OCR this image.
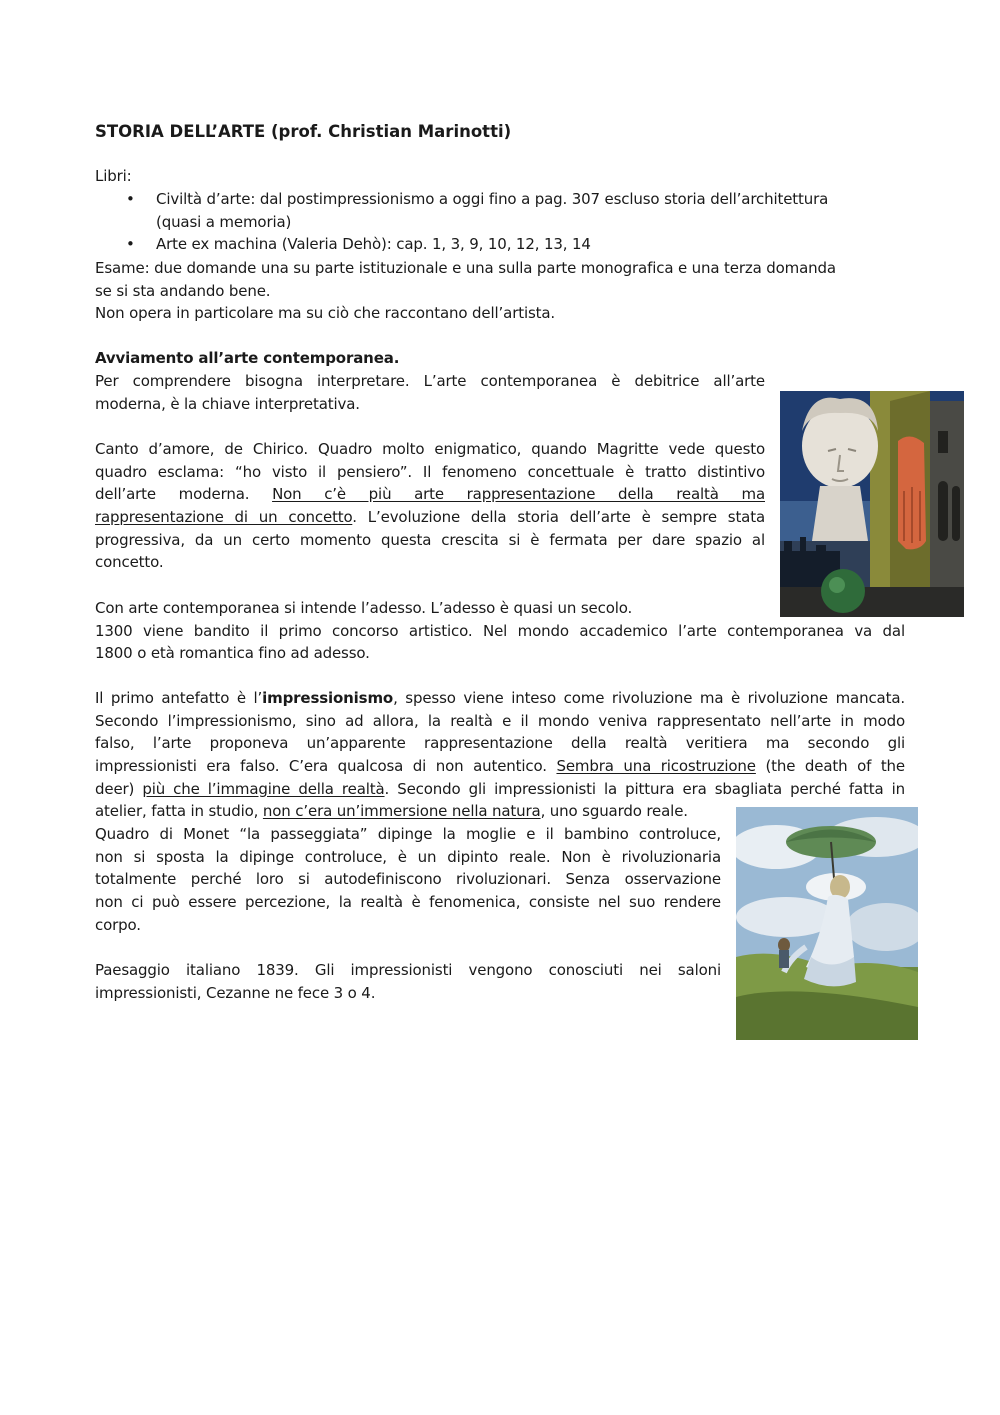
STORIA DELL’ARTE (prof. Christian Marinotti)
Libri:
• Civiltà d’arte: dal postimpressionismo a oggi fino a pag. 307 escluso storia dell’architettura
(quasi a memoria)
• Arte ex machina (Valeria Dehò): cap. 1, 3, 9, 10, 12, 13, 14
Esame: due domande una su parte istituzionale e una sulla parte monografica e una terza domanda
se si sta andando bene.
Non opera in particolare ma su ciò che raccontano dell’artista.
Avviamento all’arte contemporanea.
Per comprendere bisogna interpretare. L’arte contemporanea è debitrice all’arte
moderna, è la chiave interpretativa.
Canto d’amore, de Chirico. Quadro molto enigmatico, quando Magritte vede questo
quadro esclama: “ho visto il pensiero”. Il fenomeno concettuale è tratto distintivo
dell’arte moderna. Non c’è più arte rappresentazione della realtà ma
rappresentazione di un concetto. L’evoluzione della storia dell’arte è sempre stata
progressiva, da un certo momento questa crescita si è fermata per dare spazio al
concetto.
Con arte contemporanea si intende l’adesso. L’adesso è quasi un secolo.
1300 viene bandito il primo concorso artistico. Nel mondo accademico l’arte contemporanea va dal
1800 o età romantica fino ad adesso.
Il primo antefatto è l’impressionismo, spesso viene inteso come rivoluzione ma è rivoluzione mancata.
Secondo l’impressionismo, sino ad allora, la realtà e il mondo veniva rappresentato nell’arte in modo
falso, l’arte proponeva un’apparente rappresentazione della realtà veritiera ma secondo gli
impressionisti era falso. C’era qualcosa di non autentico. Sembra una ricostruzione (the death of the
deer) più che l’immagine della realtà. Secondo gli impressionisti la pittura era sbagliata perché fatta in
atelier, fatta in studio, non c’era un’immersione nella natura, uno sguardo reale.
Quadro di Monet “la passeggiata” dipinge la moglie e il bambino controluce,
non si sposta la dipinge controluce, è un dipinto reale. Non è rivoluzionaria
totalmente perché loro si autodefiniscono rivoluzionari. Senza osservazione
non ci può essere percezione, la realtà è fenomenica, consiste nel suo rendere
corpo.
Paesaggio italiano 1839. Gli impressionisti vengono conosciuti nei saloni
impressionisti, Cezanne ne fece 3 o 4.
